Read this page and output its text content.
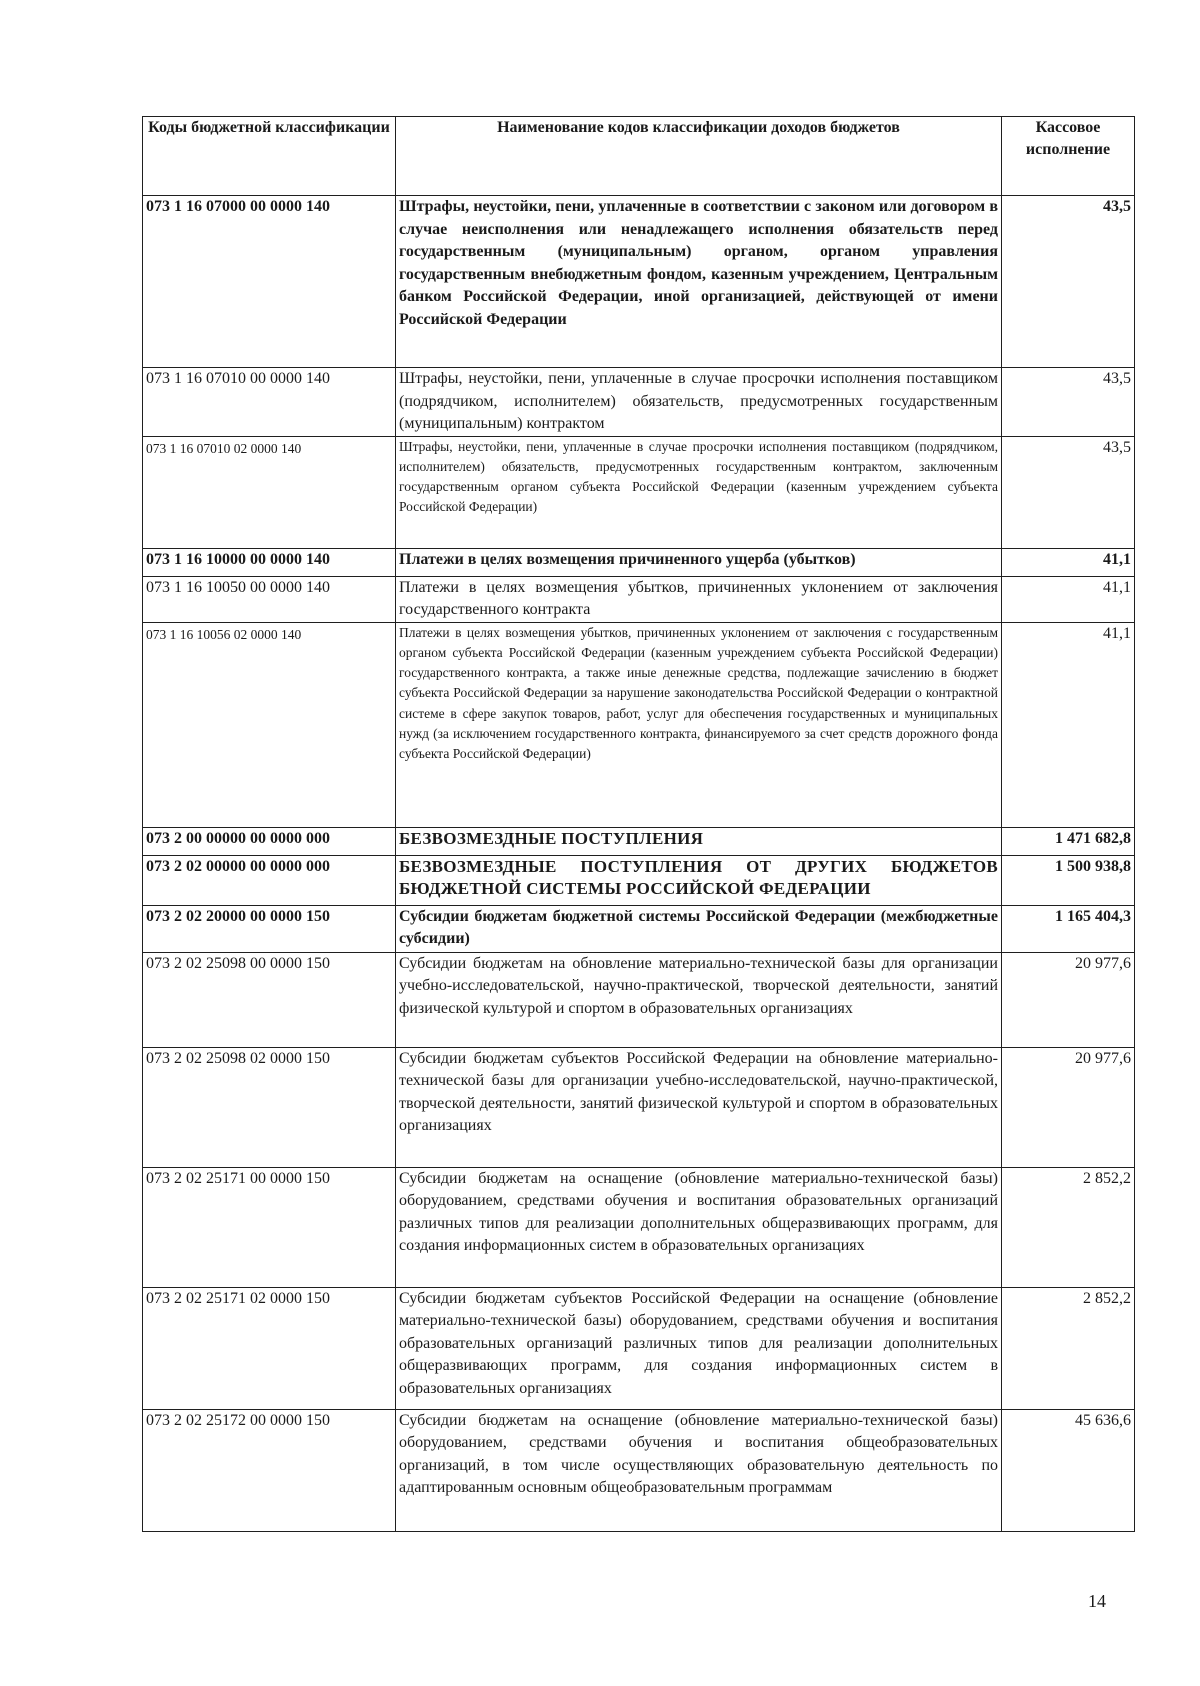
Коды бюджетной классификации	Наименование кодов классификации доходов бюджетов	Кассовое исполнение
073 1 16 07000 00 0000 140	Штрафы, неустойки, пени, уплаченные в соответствии с законом или договором в случае неисполнения или ненадлежащего исполнения обязательств перед государственным (муниципальным) органом, органом управления государственным внебюджетным фондом, казенным учреждением, Центральным банком Российской Федерации, иной организацией, действующей от имени Российской Федерации	43,5
073 1 16 07010 00 0000 140	Штрафы, неустойки, пени, уплаченные в случае просрочки исполнения поставщиком (подрядчиком, исполнителем) обязательств, предусмотренных государственным (муниципальным) контрактом	43,5
073 1 16 07010 02 0000 140	Штрафы, неустойки, пени, уплаченные в случае просрочки исполнения поставщиком (подрядчиком, исполнителем) обязательств, предусмотренных государственным контрактом, заключенным государственным органом субъекта Российской Федерации (казенным учреждением субъекта Российской Федерации)	43,5
073 1 16 10000 00 0000 140	Платежи в целях возмещения причиненного ущерба (убытков)	41,1
073 1 16 10050 00 0000 140	Платежи в целях возмещения убытков, причиненных уклонением от заключения государственного контракта	41,1
073 1 16 10056 02 0000 140	Платежи в целях возмещения убытков, причиненных уклонением от заключения с государственным органом субъекта Российской Федерации (казенным учреждением субъекта Российской Федерации) государственного контракта, а также иные денежные средства, подлежащие зачислению в бюджет субъекта Российской Федерации за нарушение законодательства Российской Федерации о контрактной системе в сфере закупок товаров, работ, услуг для обеспечения государственных и муниципальных нужд (за исключением государственного контракта, финансируемого за счет средств дорожного фонда субъекта Российской Федерации)	41,1
073 2 00 00000 00 0000 000	БЕЗВОЗМЕЗДНЫЕ ПОСТУПЛЕНИЯ	1 471 682,8
073 2 02 00000 00 0000 000	БЕЗВОЗМЕЗДНЫЕ ПОСТУПЛЕНИЯ ОТ ДРУГИХ БЮДЖЕТОВ БЮДЖЕТНОЙ СИСТЕМЫ РОССИЙСКОЙ ФЕДЕРАЦИИ	1 500 938,8
073 2 02 20000 00 0000 150	Субсидии бюджетам бюджетной системы Российской Федерации (межбюджетные субсидии)	1 165 404,3
073 2 02 25098 00 0000 150	Субсидии бюджетам на обновление материально-технической базы для организации учебно-исследовательской, научно-практической, творческой деятельности, занятий физической культурой и спортом в образовательных организациях	20 977,6
073 2 02 25098 02 0000 150	Субсидии бюджетам субъектов Российской Федерации на обновление материально-технической базы для организации учебно-исследовательской, научно-практической, творческой деятельности, занятий физической культурой и спортом в образовательных организациях	20 977,6
073 2 02 25171 00 0000 150	Субсидии бюджетам на оснащение (обновление материально-технической базы) оборудованием, средствами обучения и воспитания образовательных организаций различных типов для реализации дополнительных общеразвивающих программ, для создания информационных систем в образовательных организациях	2 852,2
073 2 02 25171 02 0000 150	Субсидии бюджетам субъектов Российской Федерации на оснащение (обновление материально-технической базы) оборудованием, средствами обучения и воспитания образовательных организаций различных типов для реализации дополнительных общеразвивающих программ, для создания информационных систем в образовательных организациях	2 852,2
073 2 02 25172 00 0000 150	Субсидии бюджетам на оснащение (обновление материально-технической базы) оборудованием, средствами обучения и воспитания общеобразовательных организаций, в том числе осуществляющих образовательную деятельность по адаптированным основным общеобразовательным программам	45 636,6
14
